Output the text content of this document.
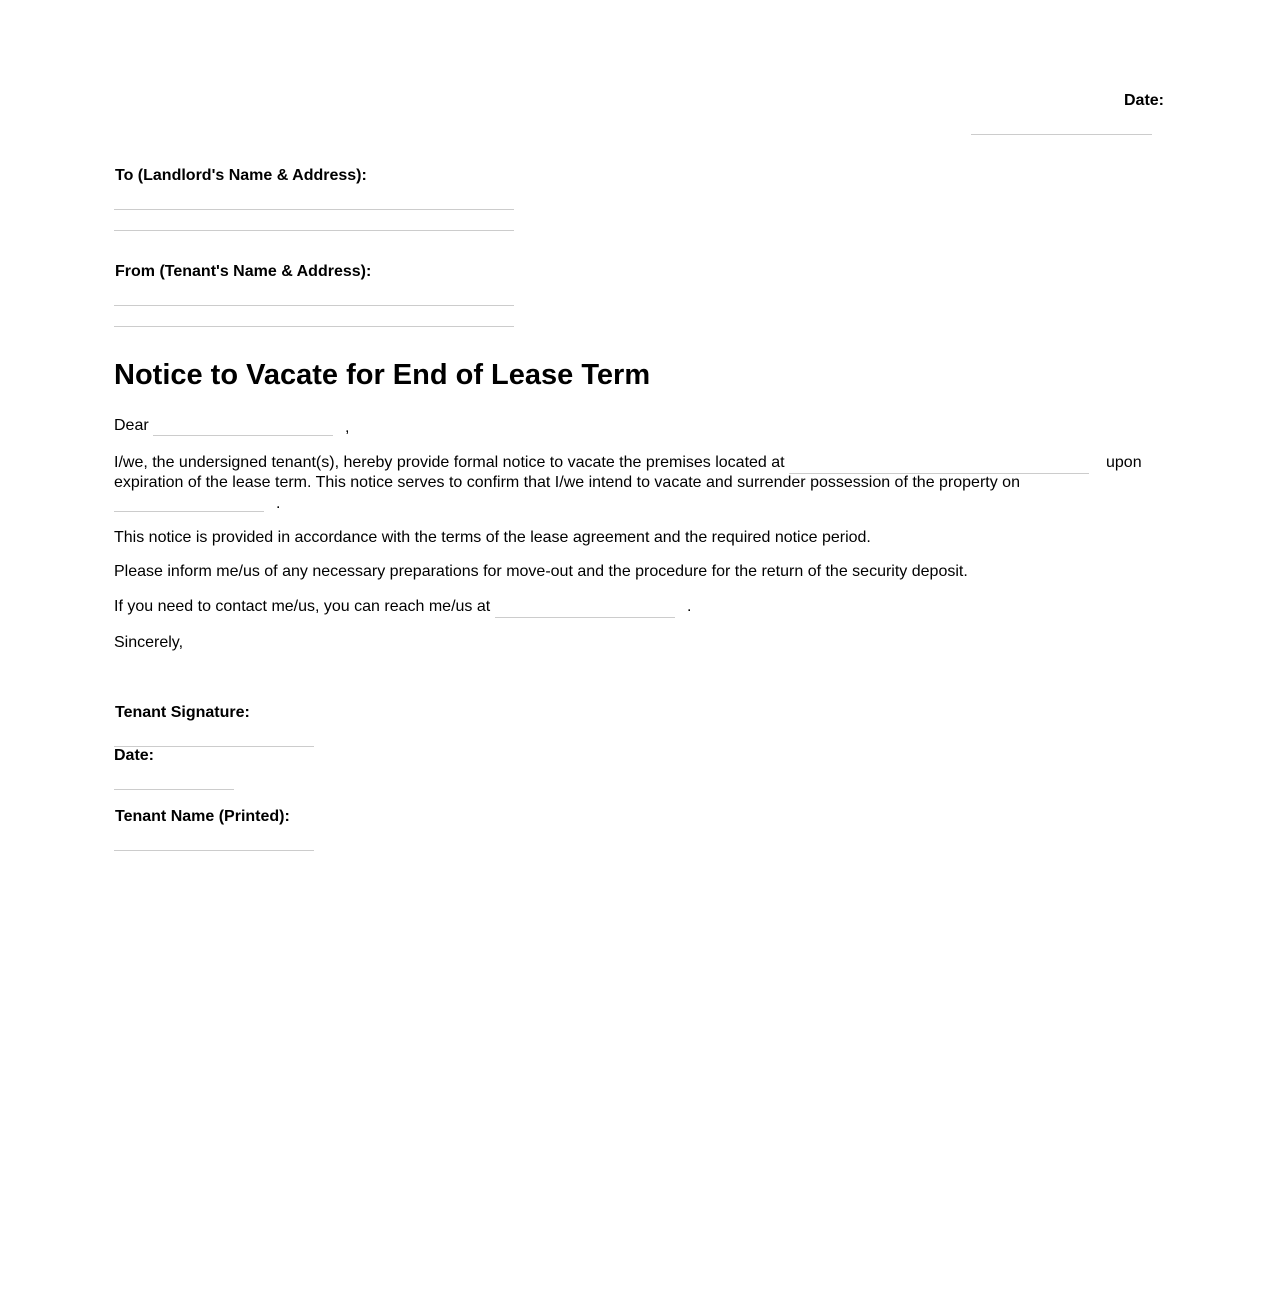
Date:
To (Landlord's Name & Address):
From (Tenant's Name & Address):
Notice to Vacate for End of Lease Term
Dear	,
I/we, the undersigned tenant(s), hereby provide formal notice to vacate the premises located at	upon
expiration of the lease term. This notice serves to confirm that I/we intend to vacate and surrender possession of the property on
.
This notice is provided in accordance with the terms of the lease agreement and the required notice period.
Please inform me/us of any necessary preparations for move-out and the procedure for the return of the security deposit.
If you need to contact me/us, you can reach me/us at	.
Sincerely,
Tenant Signature:
Date:
Tenant Name (Printed):
